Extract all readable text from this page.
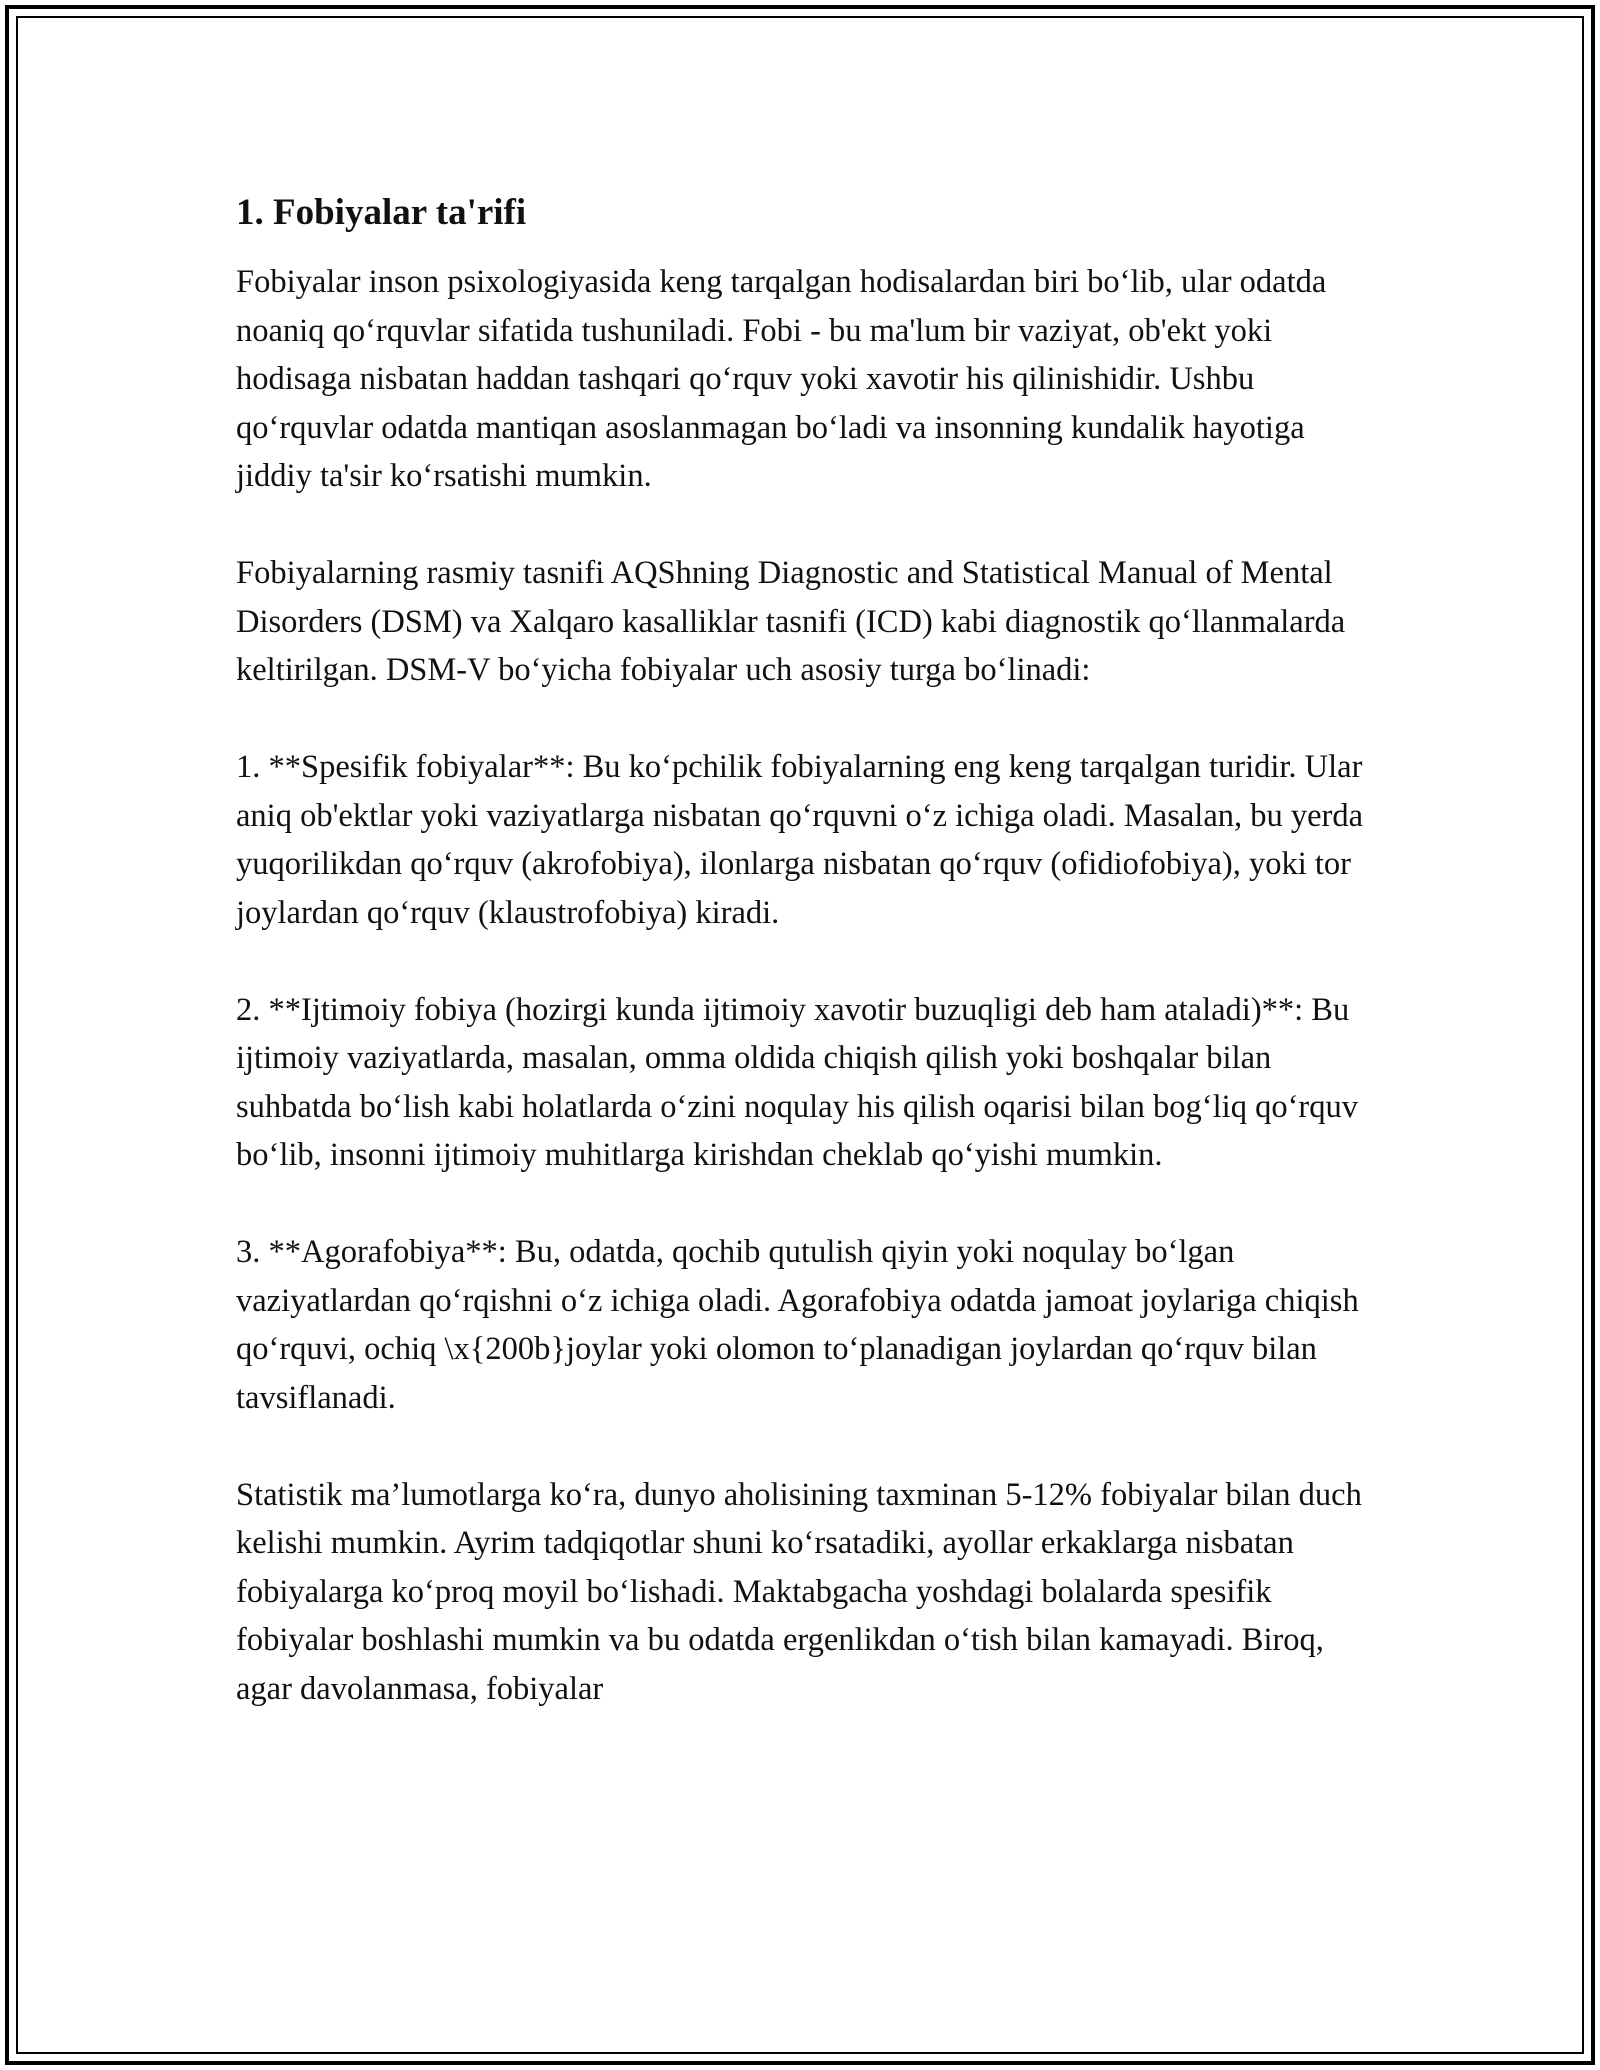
1. Fobiyalar ta'rifi

Fobiyalar inson psixologiyasida keng tarqalgan hodisalardan biri bo‘lib, ular odatda noaniq qo‘rquvlar sifatida tushuniladi. Fobi - bu ma'lum bir vaziyat, ob'ekt yoki hodisaga nisbatan haddan tashqari qo‘rquv yoki xavotir his qilinishidir. Ushbu qo‘rquvlar odatda mantiqan asoslanmagan bo‘ladi va insonning kundalik hayotiga jiddiy ta'sir ko‘rsatishi mumkin.

Fobiyalarning rasmiy tasnifi AQShning Diagnostic and Statistical Manual of Mental Disorders (DSM) va Xalqaro kasalliklar tasnifi (ICD) kabi diagnostik qo‘llanmalarda keltirilgan. DSM-V bo‘yicha fobiyalar uch asosiy turga bo‘linadi:

1. **Spesifik fobiyalar**: Bu ko‘pchilik fobiyalarning eng keng tarqalgan turidir. Ular aniq ob'ektlar yoki vaziyatlarga nisbatan qo‘rquvni o‘z ichiga oladi. Masalan, bu yerda yuqorilikdan qo‘rquv (akrofobiya), ilonlarga nisbatan qo‘rquv (ofidiofobiya), yoki tor joylardan qo‘rquv (klaustrofobiya) kiradi.

2. **Ijtimoiy fobiya (hozirgi kunda ijtimoiy xavotir buzuqligi deb ham ataladi)**: Bu ijtimoiy vaziyatlarda, masalan, omma oldida chiqish qilish yoki boshqalar bilan suhbatda bo‘lish kabi holatlarda o‘zini noqulay his qilish oqarisi bilan bog‘liq qo‘rquv bo‘lib, insonni ijtimoiy muhitlarga kirishdan cheklab qo‘yishi mumkin.

3. **Agorafobiya**: Bu, odatda, qochib qutulish qiyin yoki noqulay bo‘lgan vaziyatlardan qo‘rqishni o‘z ichiga oladi. Agorafobiya odatda jamoat joylariga chiqish qo‘rquvi, ochiq \x{200b}joylar yoki olomon to‘planadigan joylardan qo‘rquv bilan tavsiflanadi.

Statistik ma’lumotlarga ko‘ra, dunyo aholisining taxminan 5-12% fobiyalar bilan duch kelishi mumkin. Ayrim tadqiqotlar shuni ko‘rsatadiki, ayollar erkaklarga nisbatan fobiyalarga ko‘proq moyil bo‘lishadi. Maktabgacha yoshdagi bolalarda spesifik fobiyalar boshlashi mumkin va bu odatda ergenlikdan o‘tish bilan kamayadi. Biroq, agar davolanmasa, fobiyalar
